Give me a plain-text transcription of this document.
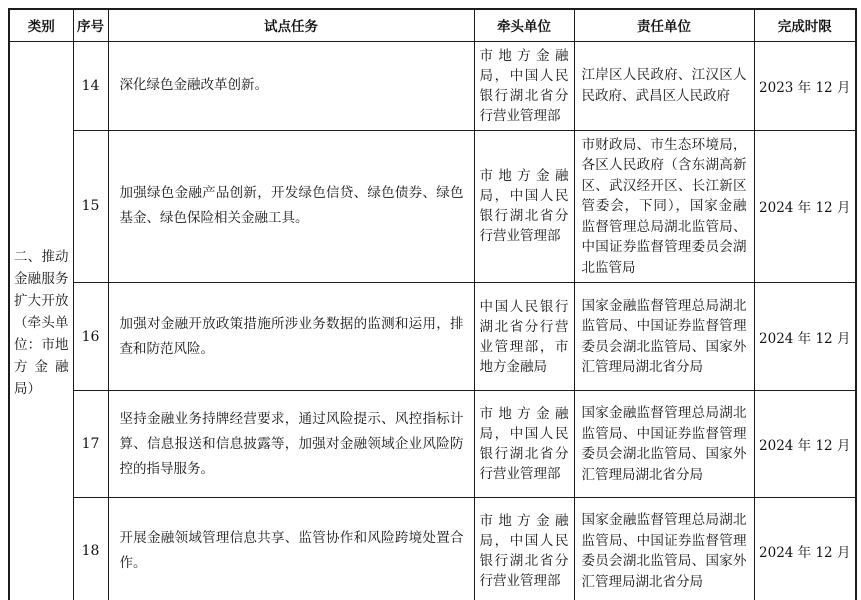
类别	序号	试点任务	牵头单位	责任单位	完成时限
二、推动金融服务扩大开放（牵头单位：市地方金融局）	14	深化绿色金融改革创新。	市地方金融局，中国人民银行湖北省分行营业管理部	江岸区人民政府、江汉区人民政府、武昌区人民政府	2023 年 12 月
	15	加强绿色金融产品创新，开发绿色信贷、绿色债券、绿色基金、绿色保险相关金融工具。	市地方金融局，中国人民银行湖北省分行营业管理部	市财政局、市生态环境局，各区人民政府（含东湖高新区、武汉经开区、长江新区管委会，下同），国家金融监督管理总局湖北监管局、中国证券监督管理委员会湖北监管局	2024 年 12 月
	16	加强对金融开放政策措施所涉业务数据的监测和运用，排查和防范风险。	中国人民银行湖北省分行营业管理部，市地方金融局	国家金融监督管理总局湖北监管局、中国证券监督管理委员会湖北监管局、国家外汇管理局湖北省分局	2024 年 12 月
	17	坚持金融业务持牌经营要求，通过风险提示、风控指标计算、信息报送和信息披露等，加强对金融领域企业风险防控的指导服务。	市地方金融局，中国人民银行湖北省分行营业管理部	国家金融监督管理总局湖北监管局、中国证券监督管理委员会湖北监管局、国家外汇管理局湖北省分局	2024 年 12 月
	18	开展金融领域管理信息共享、监管协作和风险跨境处置合作。	市地方金融局，中国人民银行湖北省分行营业管理部	国家金融监督管理总局湖北监管局、中国证券监督管理委员会湖北监管局、国家外汇管理局湖北省分局	2024 年 12 月
